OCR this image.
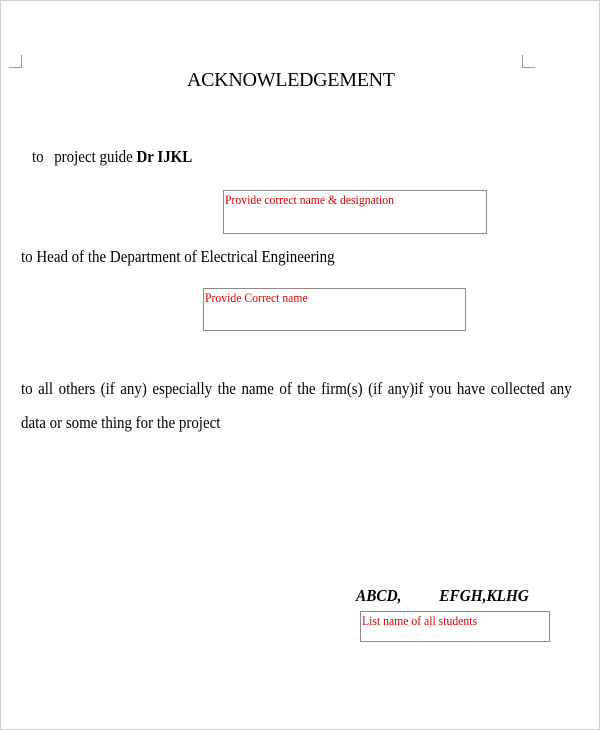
ACKNOWLEDGEMENT
to project guide Dr IJKL
Provide correct name & designation
to Head of the Department of Electrical Engineering
Provide Correct name
to all others (if any) especially the name of the firm(s) (if any)if you have collected any
data or some thing for the project
ABCD, EFGH,KLHG
List name of all students
